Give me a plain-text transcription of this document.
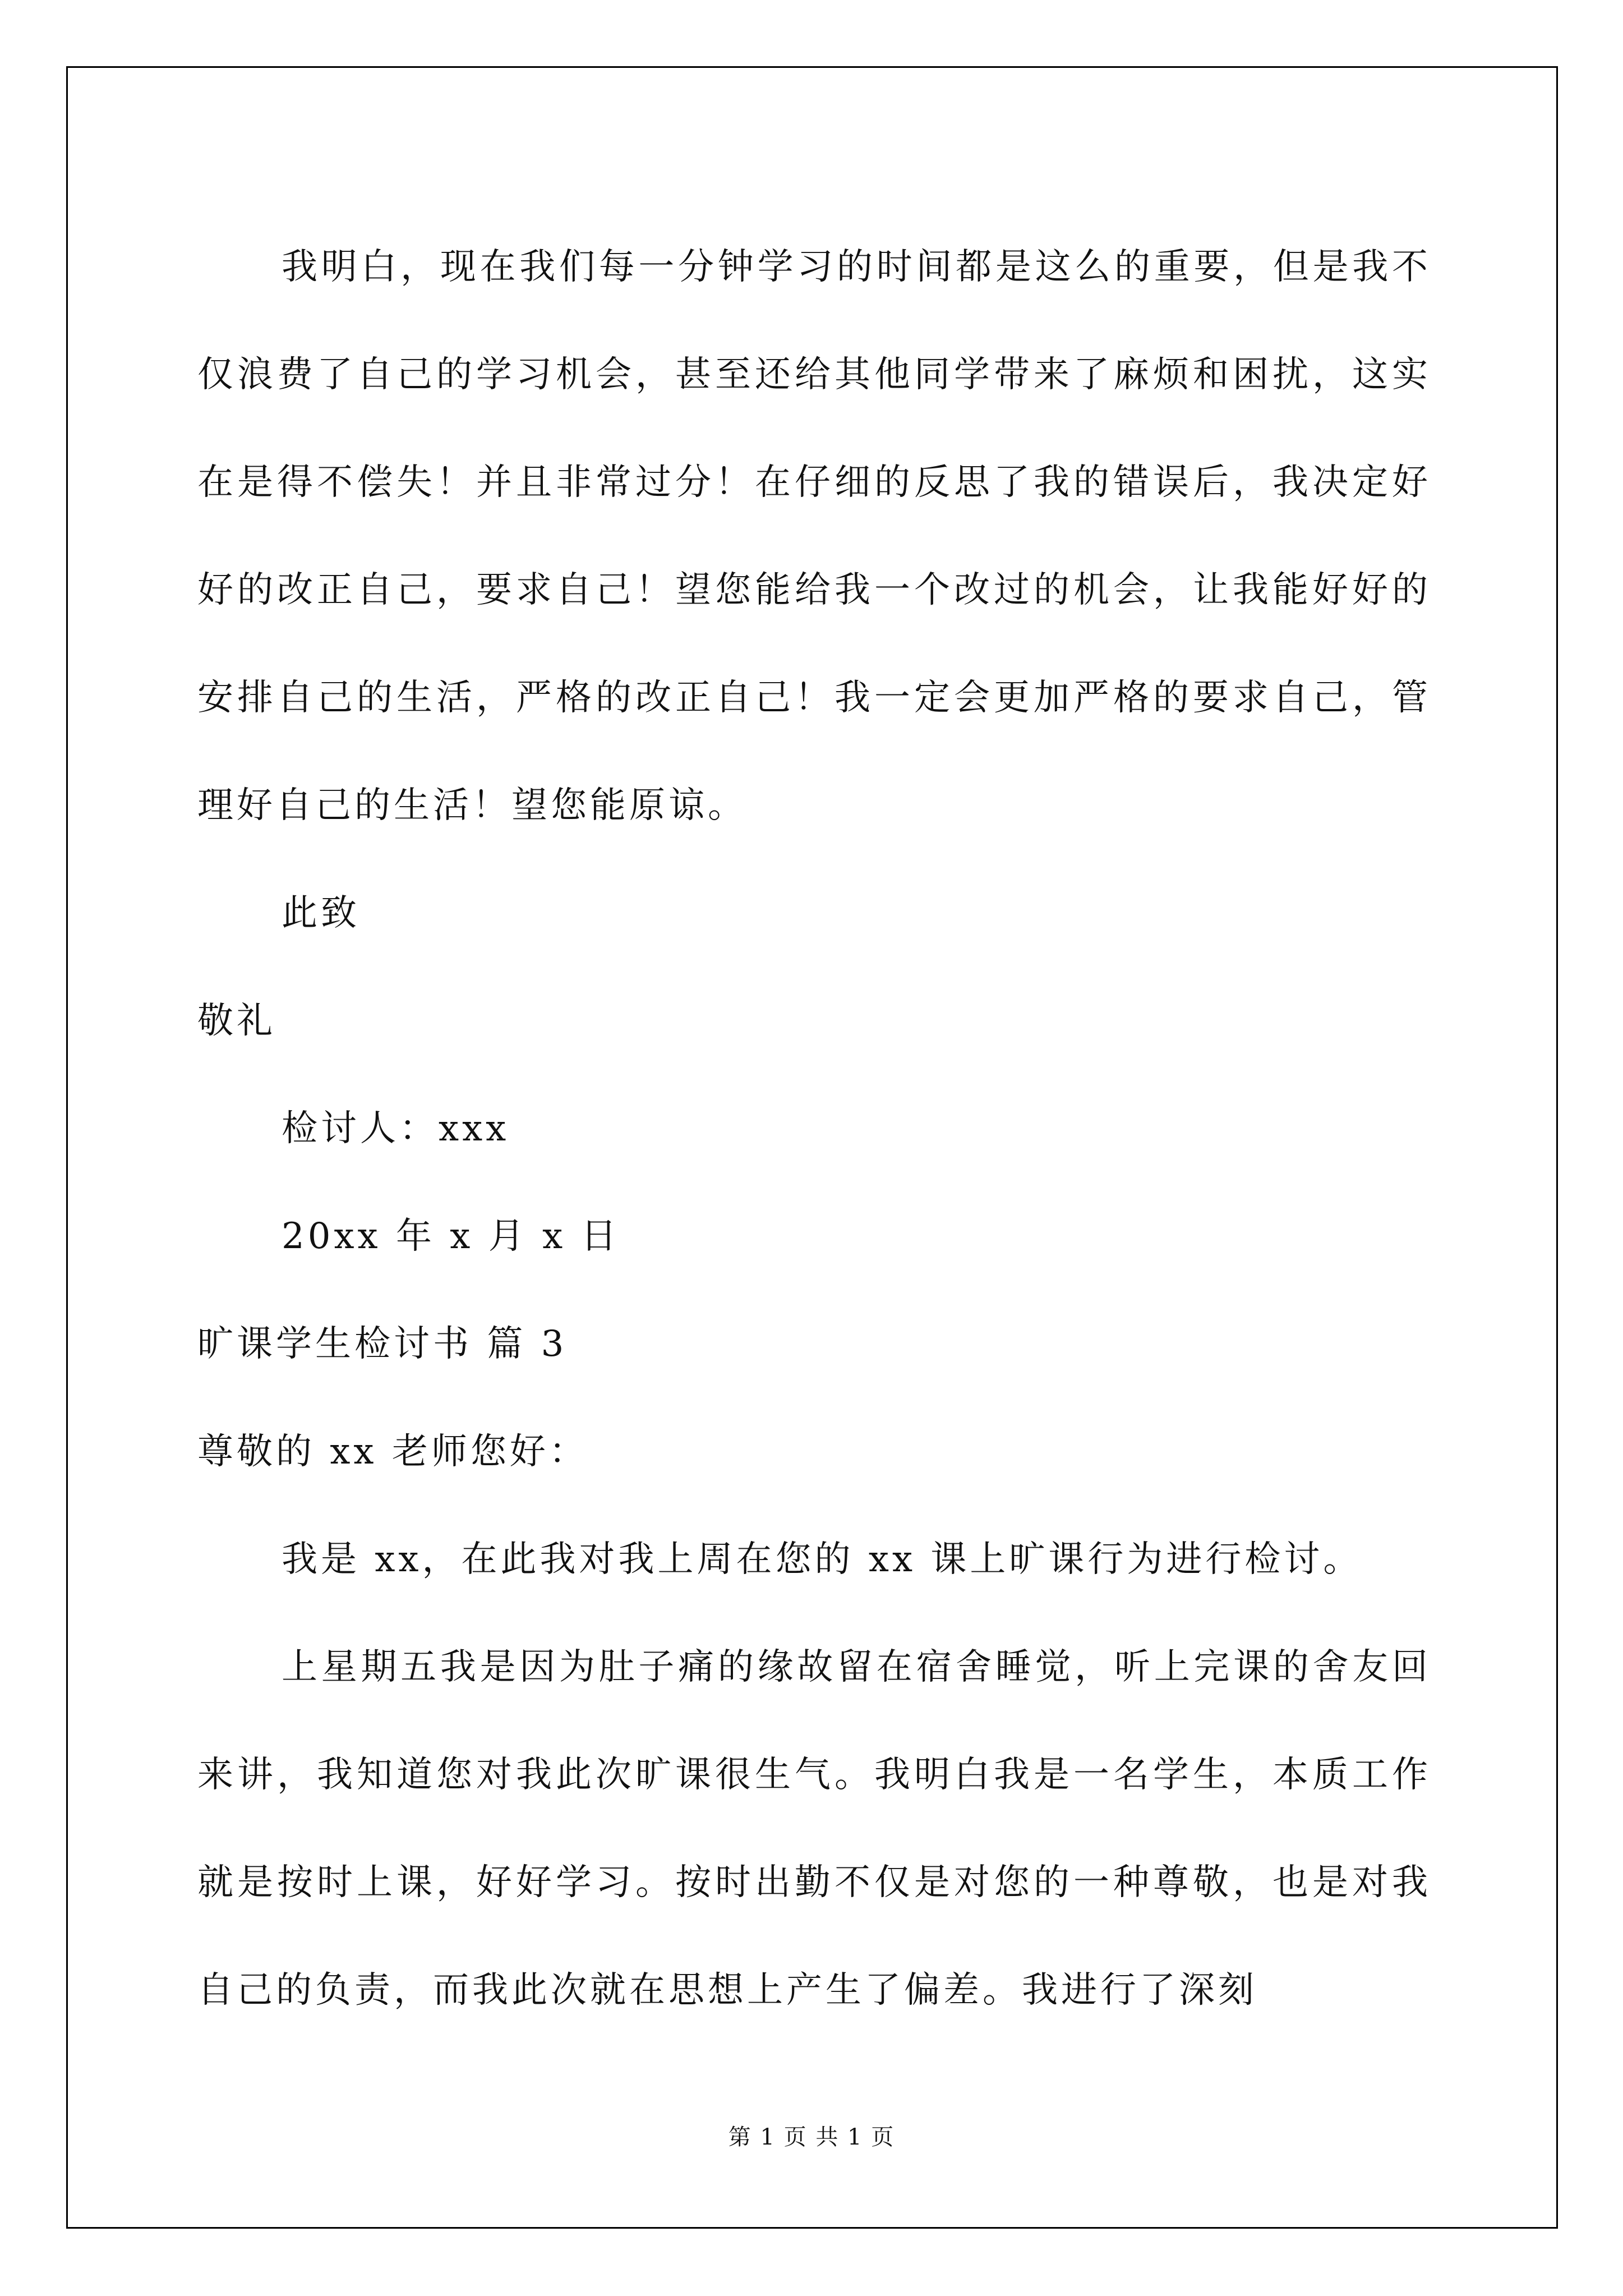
我明白，现在我们每一分钟学习的时间都是这么的重要，但是我不仅浪费了自己的学习机会，甚至还给其他同学带来了麻烦和困扰，这实在是得不偿失！并且非常过分！在仔细的反思了我的错误后，我决定好好的改正自己，要求自己！望您能给我一个改过的机会，让我能好好的安排自己的生活，严格的改正自己！我一定会更加严格的要求自己，管理好自己的生活！望您能原谅。

此致

敬礼

检讨人：xxx

20xx 年 x 月 x 日

旷课学生检讨书 篇 3

尊敬的 xx 老师您好：

我是 xx，在此我对我上周在您的 xx 课上旷课行为进行检讨。

上星期五我是因为肚子痛的缘故留在宿舍睡觉，听上完课的舍友回来讲，我知道您对我此次旷课很生气。我明白我是一名学生，本质工作就是按时上课，好好学习。按时出勤不仅是对您的一种尊敬，也是对我自己的负责，而我此次就在思想上产生了偏差。我进行了深刻

第 1 页 共 1 页
